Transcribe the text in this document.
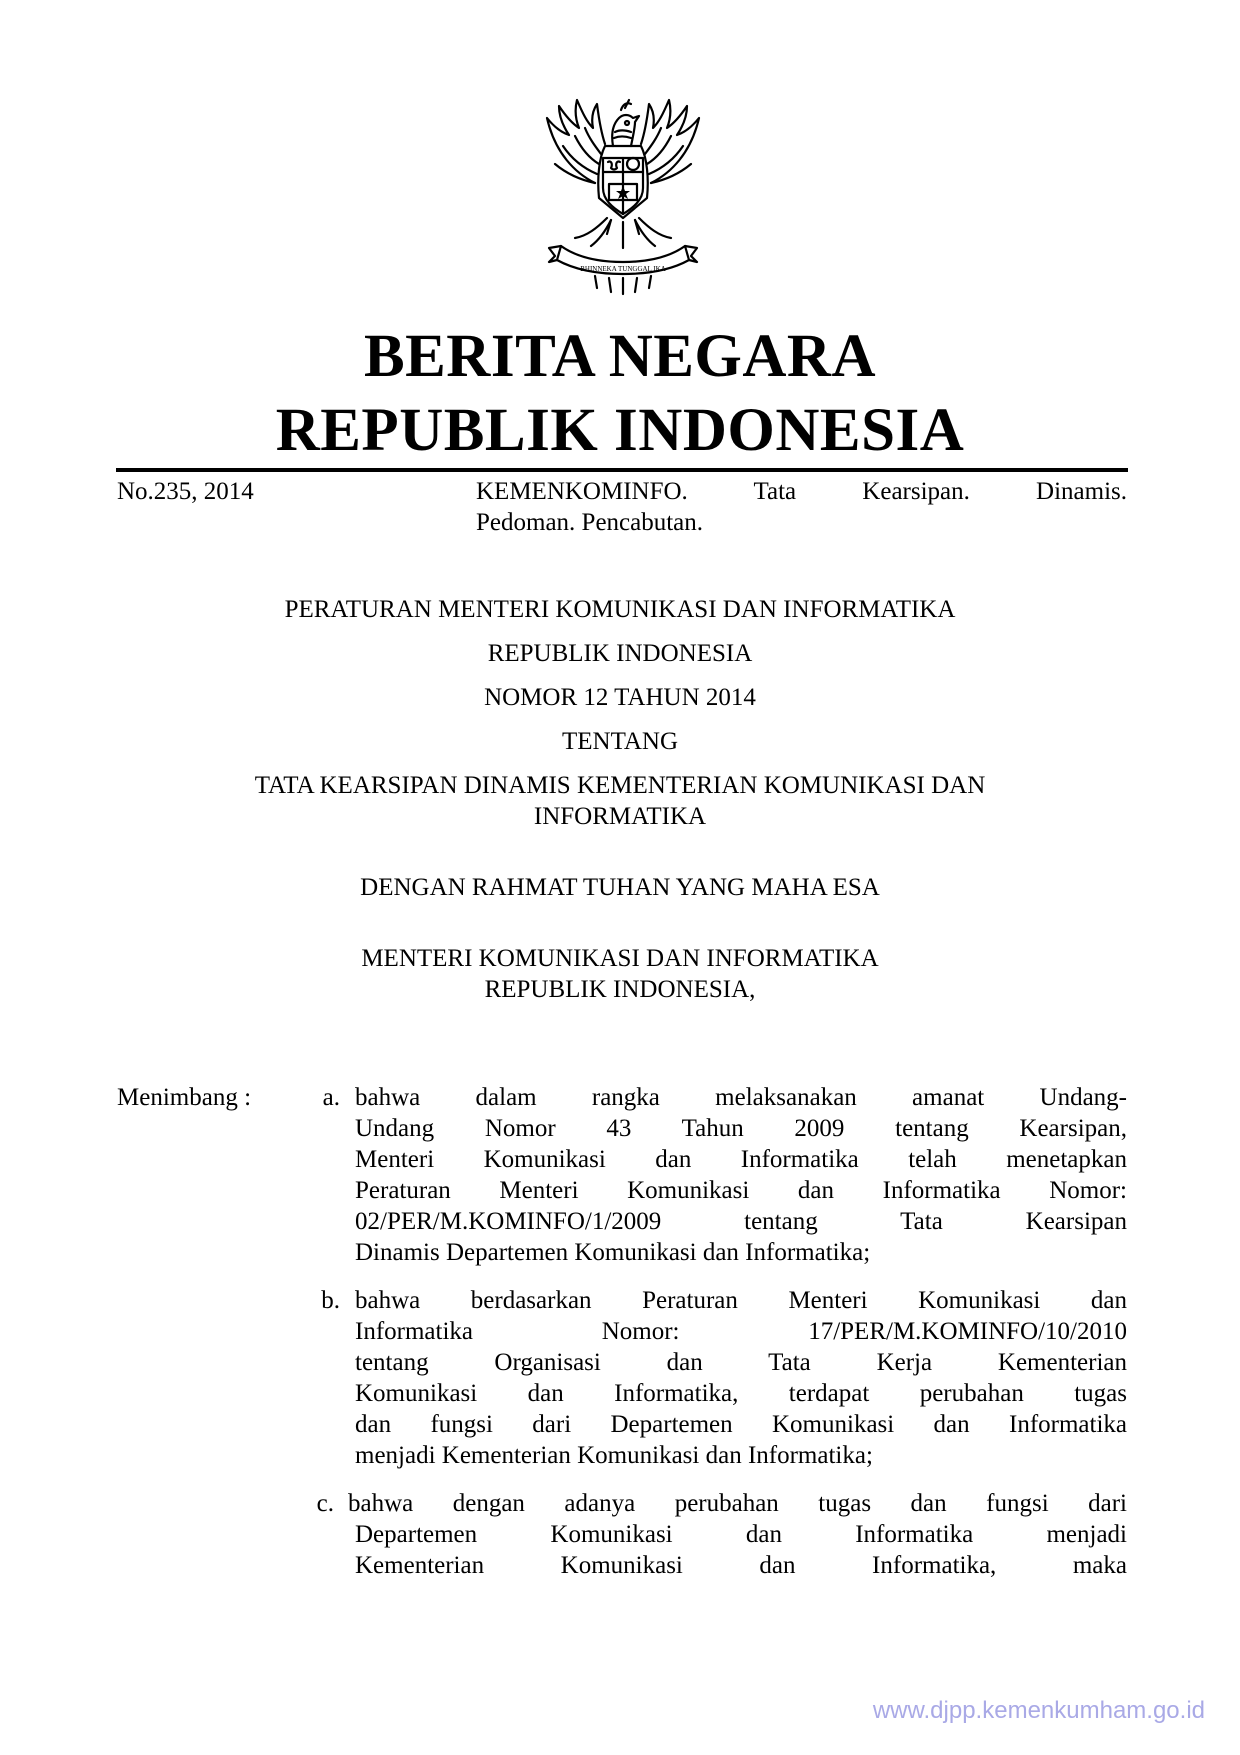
BHINNEKA TUNGGAL IKA
BERITA NEGARA
REPUBLIK INDONESIA
No.235, 2014	KEMENKOMINFO. Tata Kearsipan. Dinamis.
Pedoman. Pencabutan.
PERATURAN MENTERI KOMUNIKASI DAN INFORMATIKA
REPUBLIK INDONESIA
NOMOR 12 TAHUN 2014
TENTANG
TATA KEARSIPAN DINAMIS KEMENTERIAN KOMUNIKASI DAN
INFORMATIKA
DENGAN RAHMAT TUHAN YANG MAHA ESA
MENTERI KOMUNIKASI DAN INFORMATIKA
REPUBLIK INDONESIA,
Menimbang :	a. bahwa dalam rangka melaksanakan amanat Undang-
Undang Nomor 43 Tahun 2009 tentang Kearsipan,
Menteri Komunikasi dan Informatika telah menetapkan
Peraturan Menteri Komunikasi dan Informatika Nomor:
02/PER/M.KOMINFO/1/2009 tentang Tata Kearsipan
Dinamis Departemen Komunikasi dan Informatika;
b. bahwa berdasarkan Peraturan Menteri Komunikasi dan
Informatika Nomor: 17/PER/M.KOMINFO/10/2010
tentang Organisasi dan Tata Kerja Kementerian
Komunikasi dan Informatika, terdapat perubahan tugas
dan fungsi dari Departemen Komunikasi dan Informatika
menjadi Kementerian Komunikasi dan Informatika;
c. bahwa dengan adanya perubahan tugas dan fungsi dari
Departemen Komunikasi dan Informatika menjadi
Kementerian Komunikasi dan Informatika, maka
www.djpp.kemenkumham.go.id
